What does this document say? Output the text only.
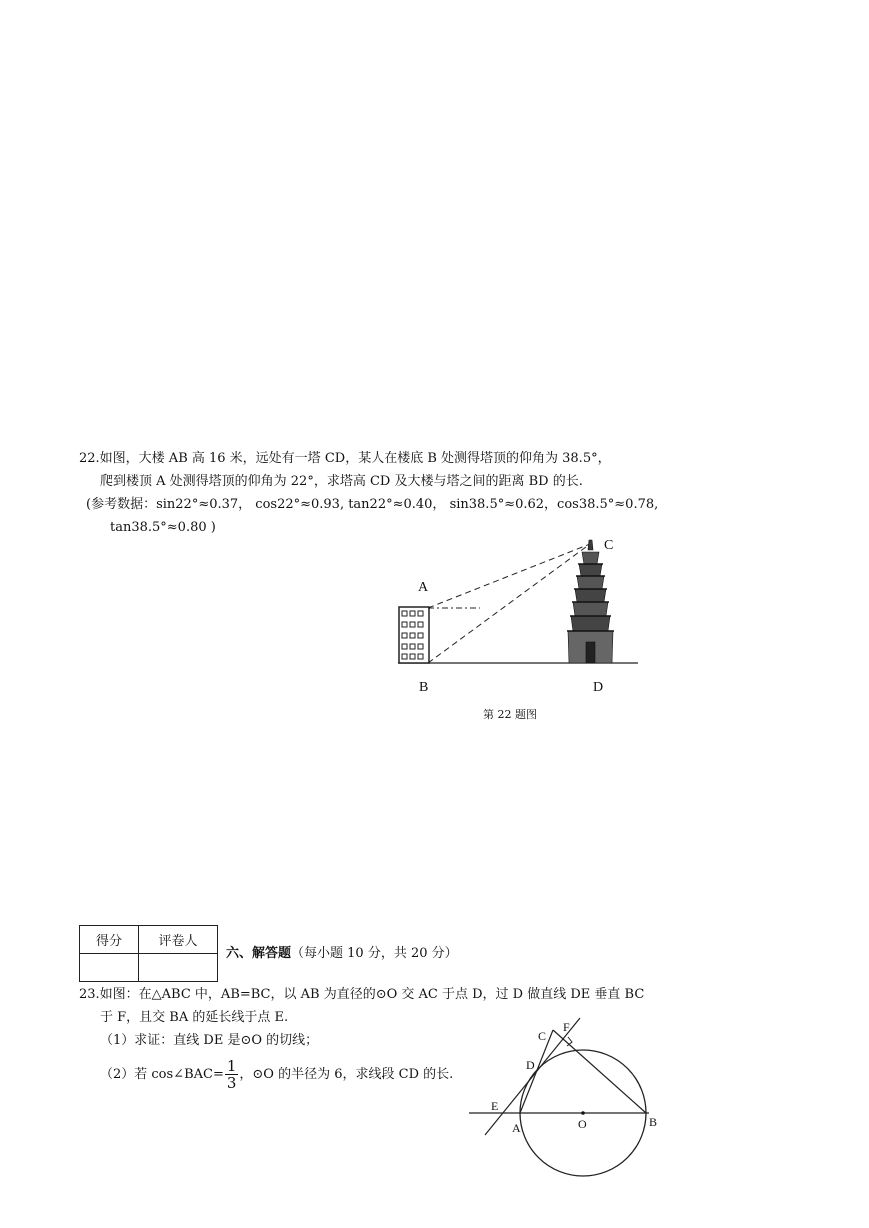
22.如图，大楼 AB 高 16 米，远处有一塔 CD，某人在楼底 B 处测得塔顶的仰角为 38.5°，
爬到楼顶 A 处测得塔顶的仰角为 22°，求塔高 CD 及大楼与塔之间的距离 BD 的长.
(参考数据：sin22°≈0.37， cos22°≈0.93, tan22°≈0.40， sin38.5°≈0.62，cos38.5°≈0.78,
tan38.5°≈0.80 )
A
B
C
D
第 22 题图
得分	评卷人

六、解答题（每小题 10 分，共 20 分）
23.如图：在△ABC 中，AB=BC，以 AB 为直径的⊙O 交 AC 于点 D，过 D 做直线 DE 垂直 BC
于 F，且交 BA 的延长线于点 E.
（1）求证：直线 DE 是⊙O 的切线；
（2）若 cos∠BAC= $\frac{1}{3}$ ，⊙O 的半径为 6，求线段 CD 的长.
E
A	O	B
D
C
F
